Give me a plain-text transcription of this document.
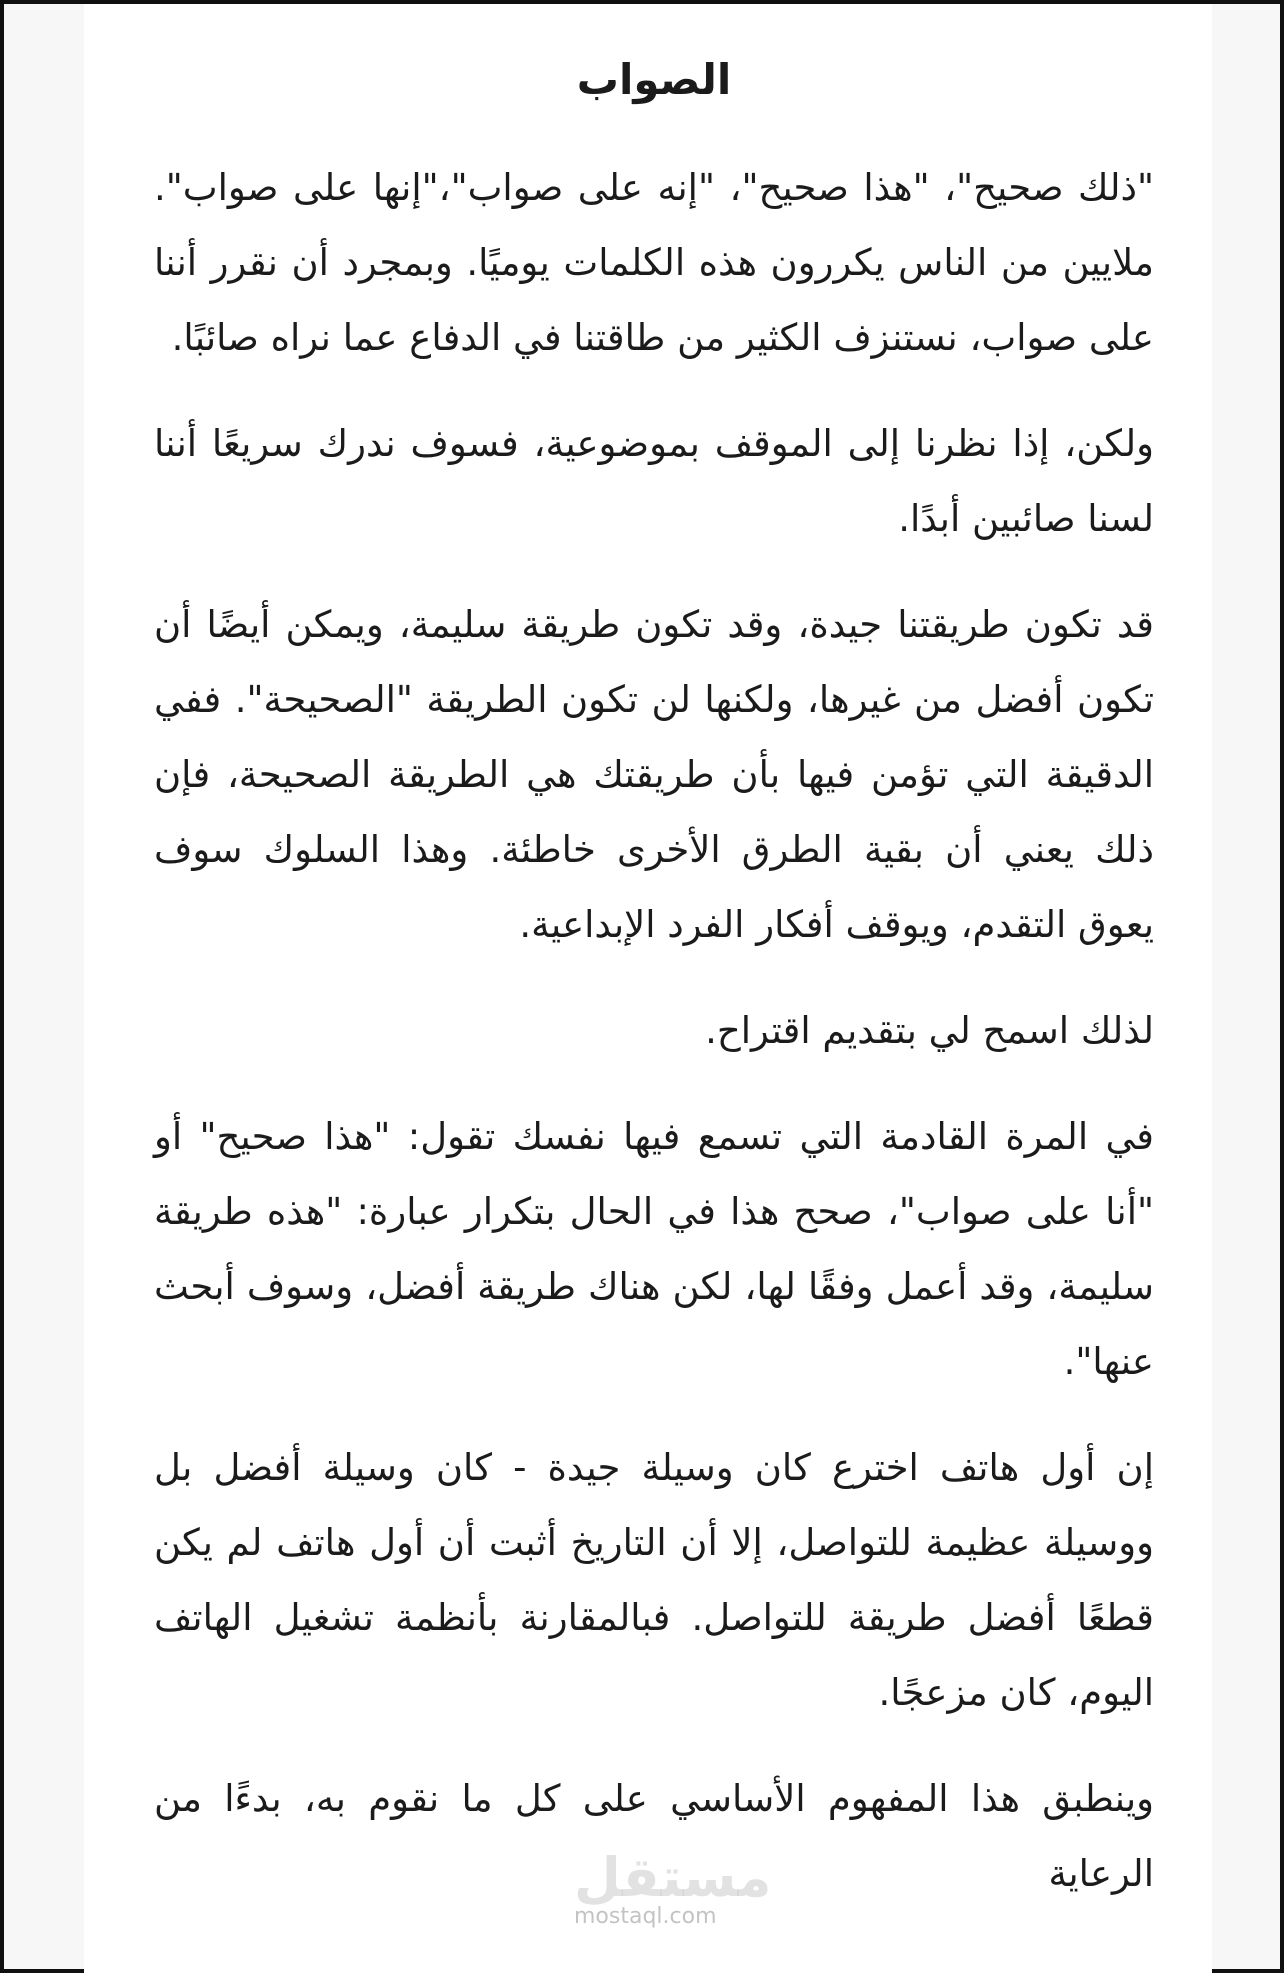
الصواب

"ذلك صحيح"، "هذا صحيح"، "إنه على صواب"،"إنها على صواب". ملايين من الناس يكررون هذه الكلمات يوميًا. وبمجرد أن نقرر أننا على صواب، نستنزف الكثير من طاقتنا في الدفاع عما نراه صائبًا.

ولكن، إذا نظرنا إلى الموقف بموضوعية، فسوف ندرك سريعًا أننا لسنا صائبين أبدًا.

قد تكون طريقتنا جيدة، وقد تكون طريقة سليمة، ويمكن أيضًا أن تكون أفضل من غيرها، ولكنها لن تكون الطريقة "الصحيحة". ففي الدقيقة التي تؤمن فيها بأن طريقتك هي الطريقة الصحيحة، فإن ذلك يعني أن بقية الطرق الأخرى خاطئة. وهذا السلوك سوف يعوق التقدم، ويوقف أفكار الفرد الإبداعية.

لذلك اسمح لي بتقديم اقتراح.

في المرة القادمة التي تسمع فيها نفسك تقول: "هذا صحيح" أو "أنا على صواب"، صحح هذا في الحال بتكرار عبارة: "هذه طريقة سليمة، وقد أعمل وفقًا لها، لكن هناك طريقة أفضل، وسوف أبحث عنها".

إن أول هاتف اخترع كان وسيلة جيدة - كان وسيلة أفضل بل ووسيلة عظيمة للتواصل، إلا أن التاريخ أثبت أن أول هاتف لم يكن قطعًا أفضل طريقة للتواصل. فبالمقارنة بأنظمة تشغيل الهاتف اليوم، كان مزعجًا.

وينطبق هذا المفهوم الأساسي على كل ما نقوم به، بدءًا من الرعاية

مستقل
mostaql.com
